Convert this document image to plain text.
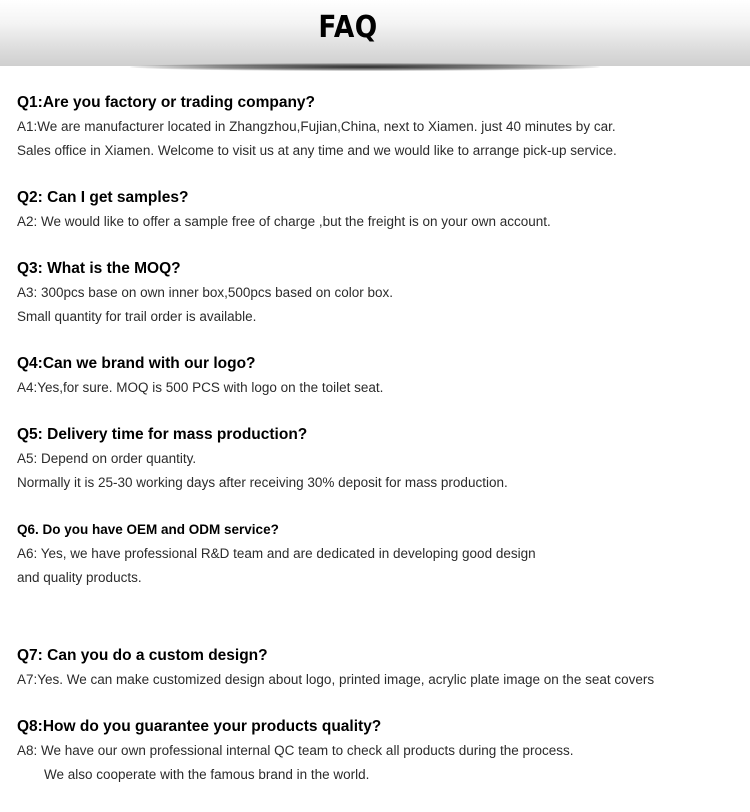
FAQ
Q1:Are you factory or trading company?
A1:We are manufacturer located in Zhangzhou,Fujian,China, next to Xiamen. just 40 minutes by car.
Sales office in Xiamen. Welcome to visit us at any time and we would like to arrange pick-up service.
Q2: Can I get samples?
A2: We would like to offer a sample free of charge ,but the freight is on your own account.
Q3: What is the MOQ?
A3: 300pcs base on own inner box,500pcs based on color box.
Small quantity for trail order is available.
Q4:Can we brand with our logo?
A4:Yes,for sure. MOQ is 500 PCS with logo on the toilet seat.
Q5: Delivery time for mass production?
A5: Depend on order quantity.
Normally it is 25-30 working days after receiving 30% deposit for mass production.
Q6. Do you have OEM and ODM service?
A6: Yes, we have professional R&D team and are dedicated in developing good design
and quality products.
Q7: Can you do a custom design?
A7:Yes. We can make customized design about logo, printed image, acrylic plate image on the seat covers
Q8:How do you guarantee your products quality?
A8: We have our own professional internal QC team to check all products during the process.
We also cooperate with the famous brand in the world.
